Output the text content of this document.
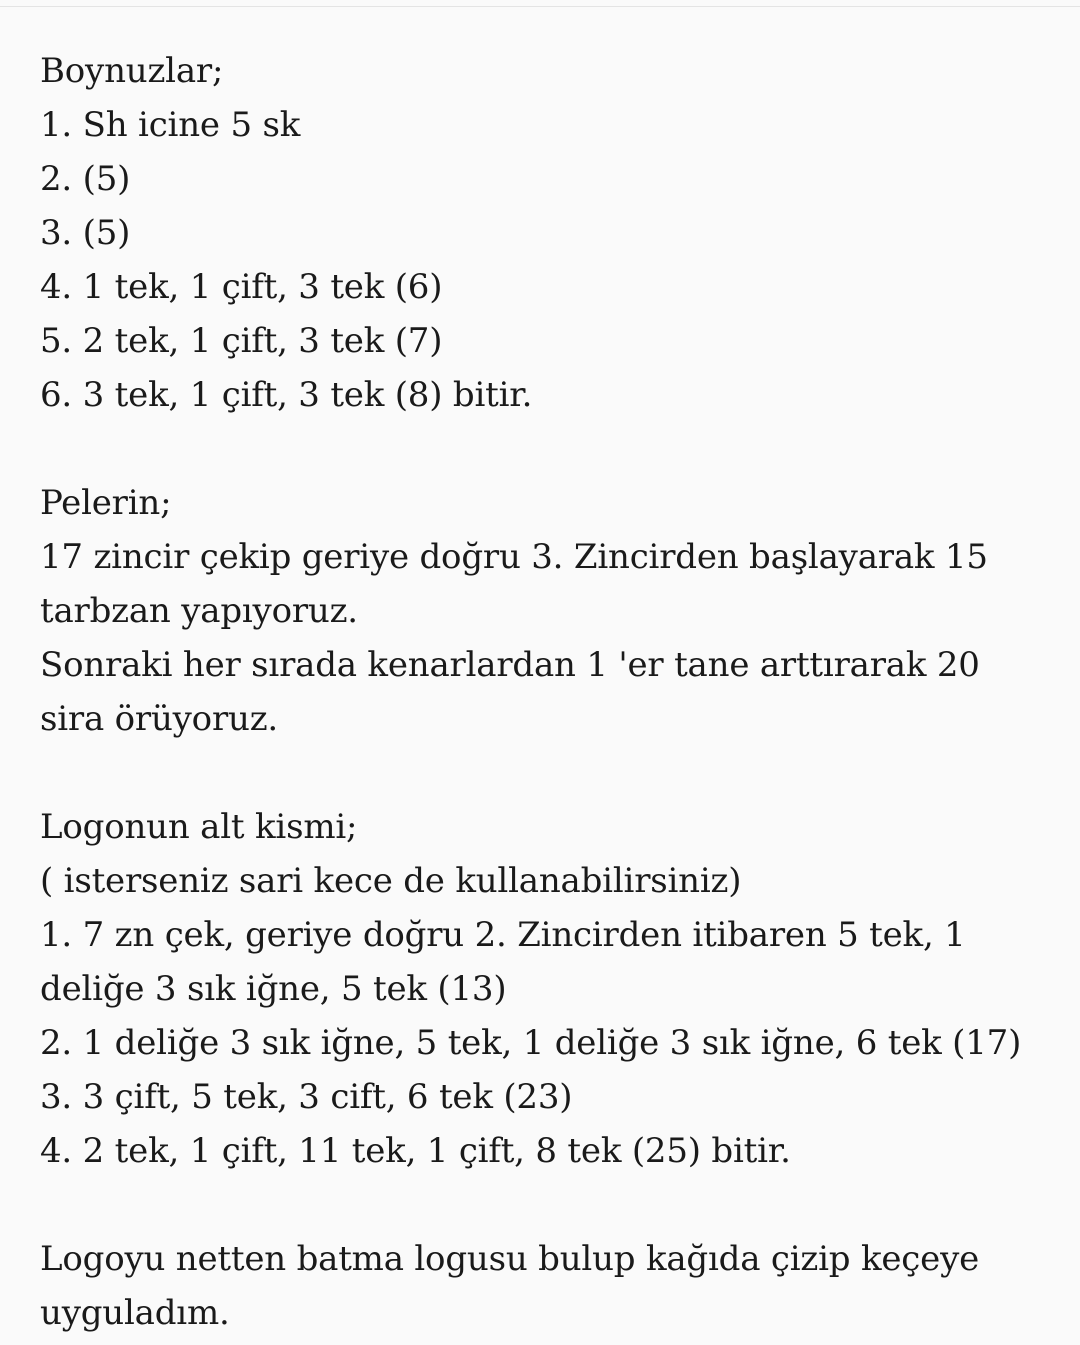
Boynuzlar;
1. Sh icine 5 sk
2. (5)
3. (5)
4. 1 tek, 1 çift, 3 tek (6)
5. 2 tek, 1 çift, 3 tek (7)
6. 3 tek, 1 çift, 3 tek (8) bitir.
Pelerin;
17 zincir çekip geriye doğru 3. Zincirden başlayarak 15
tarbzan yapıyoruz.
Sonraki her sırada kenarlardan 1 'er tane arttırarak 20
sira örüyoruz.
Logonun alt kismi;
( isterseniz sari kece de kullanabilirsiniz)
1. 7 zn çek, geriye doğru 2. Zincirden itibaren 5 tek, 1
deliğe 3 sık iğne, 5 tek (13)
2. 1 deliğe 3 sık iğne, 5 tek, 1 deliğe 3 sık iğne, 6 tek (17)
3. 3 çift, 5 tek, 3 cift, 6 tek (23)
4. 2 tek, 1 çift, 11 tek, 1 çift, 8 tek (25) bitir.
Logoyu netten batma logusu bulup kağıda çizip keçeye
uyguladım.
